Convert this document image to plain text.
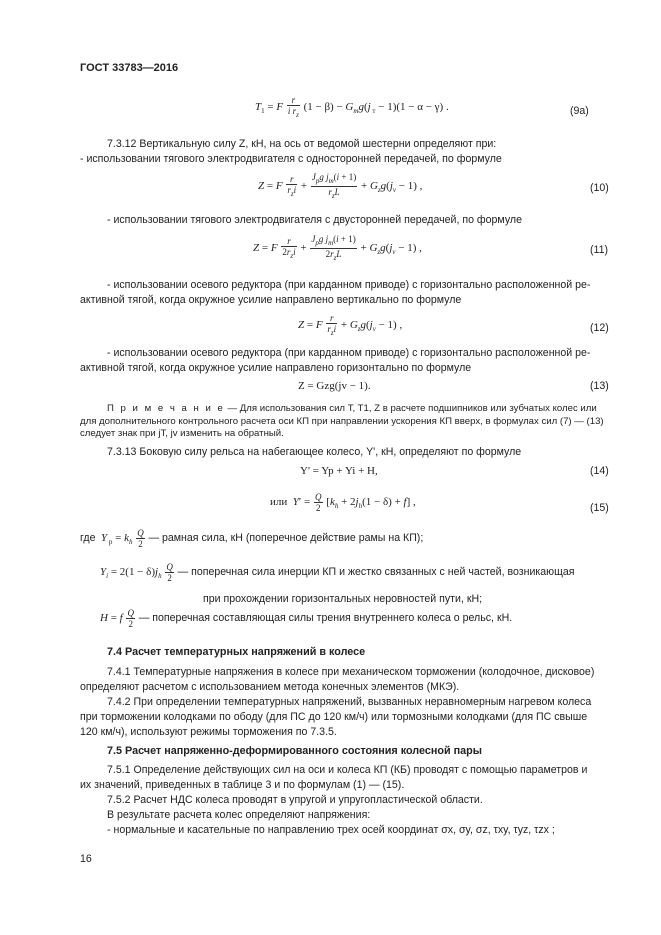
ГОСТ 33783—2016
$T_1 = F \frac{r}{i r_z} (1 - \beta) - G_тg(j$ $_т$ − 1)(1 − α − γ) .	(9a)
7.3.12 Вертикальную силу Z, кН, на ось от ведомой шестерни определяют при:
- использовании тягового электродвигателя с односторонней передачей, по формуле
Z = F $\frac{r}{r_zi} + \frac{J_pg j_т(i + 1)}{r_zL} + G_zg(j_v - 1)$ ,	(10)
- использовании тягового электродвигателя с двусторонней передачей, по формуле
Z = F $\frac{r}{2r_zi} + \frac{J_pg j_т(i + 1)}{2r_zL} + G_zg(j_v - 1)$ ,	(11)
- использовании осевого редуктора (при карданном приводе) с горизонтально расположенной ре-
активной тягой, когда окружное усилие направлено вертикально по формуле
Z = F $\frac{r}{r_zi} + G_zg(j_v - 1)$ ,	(12)
- использовании осевого редуктора (при карданном приводе) с горизонтально расположенной ре-
активной тягой, когда окружное усилие направлено горизонтально по формуле
Z = Gzg(jv − 1).	(13)
П р и м е ч а н и е — Для использования сил T, T1, Z в расчете подшипников или зубчатых колес или для дополнительного контрольного расчета оси КП при направлении ускорения КП вверх, в формулах сил (7) — (13) следует знак при jT, jv изменить на обратный.
7.3.13 Боковую силу рельса на набегающее колесо, Y', кН, определяют по формуле
Y' = Yp + Yi + H,	(14)
или $Y' = \frac{Q}{2} [k_h + 2j_h(1 - \delta) + f]$ ,	(15)
где Y $_p = k_h \frac{Q}{2}$ — рамная сила, кН (поперечное действие рамы на КП);
$Y_i = 2(1 - \delta)j_h \frac{Q}{2}$ — поперечная сила инерции КП и жестко связанных с ней частей, возникающая
при прохождении горизонтальных неровностей пути, кН;
H = f $\frac{Q}{2}$ — поперечная составляющая силы трения внутреннего колеса о рельс, кН.
7.4 Расчет температурных напряжений в колесе
7.4.1 Температурные напряжения в колесе при механическом торможении (колодочное, дисковое)
определяют расчетом с использованием метода конечных элементов (МКЭ).
7.4.2 При определении температурных напряжений, вызванных неравномерным нагревом колеса
при торможении колодками по ободу (для ПС до 120 км/ч) или тормозными колодками (для ПС свыше
120 км/ч), используют режимы торможения по 7.3.5.
7.5 Расчет напряженно-деформированного состояния колесной пары
7.5.1 Определение действующих сил на оси и колеса КП (КБ) проводят с помощью параметров и
их значений, приведенных в таблице 3 и по формулам (1) — (15).
7.5.2 Расчет НДС колеса проводят в упругой и упругопластической области.
В результате расчета колес определяют напряжения:
- нормальные и касательные по направлению трех осей координат σx, σy, σz, τxy, τyz, τzx ;
16
